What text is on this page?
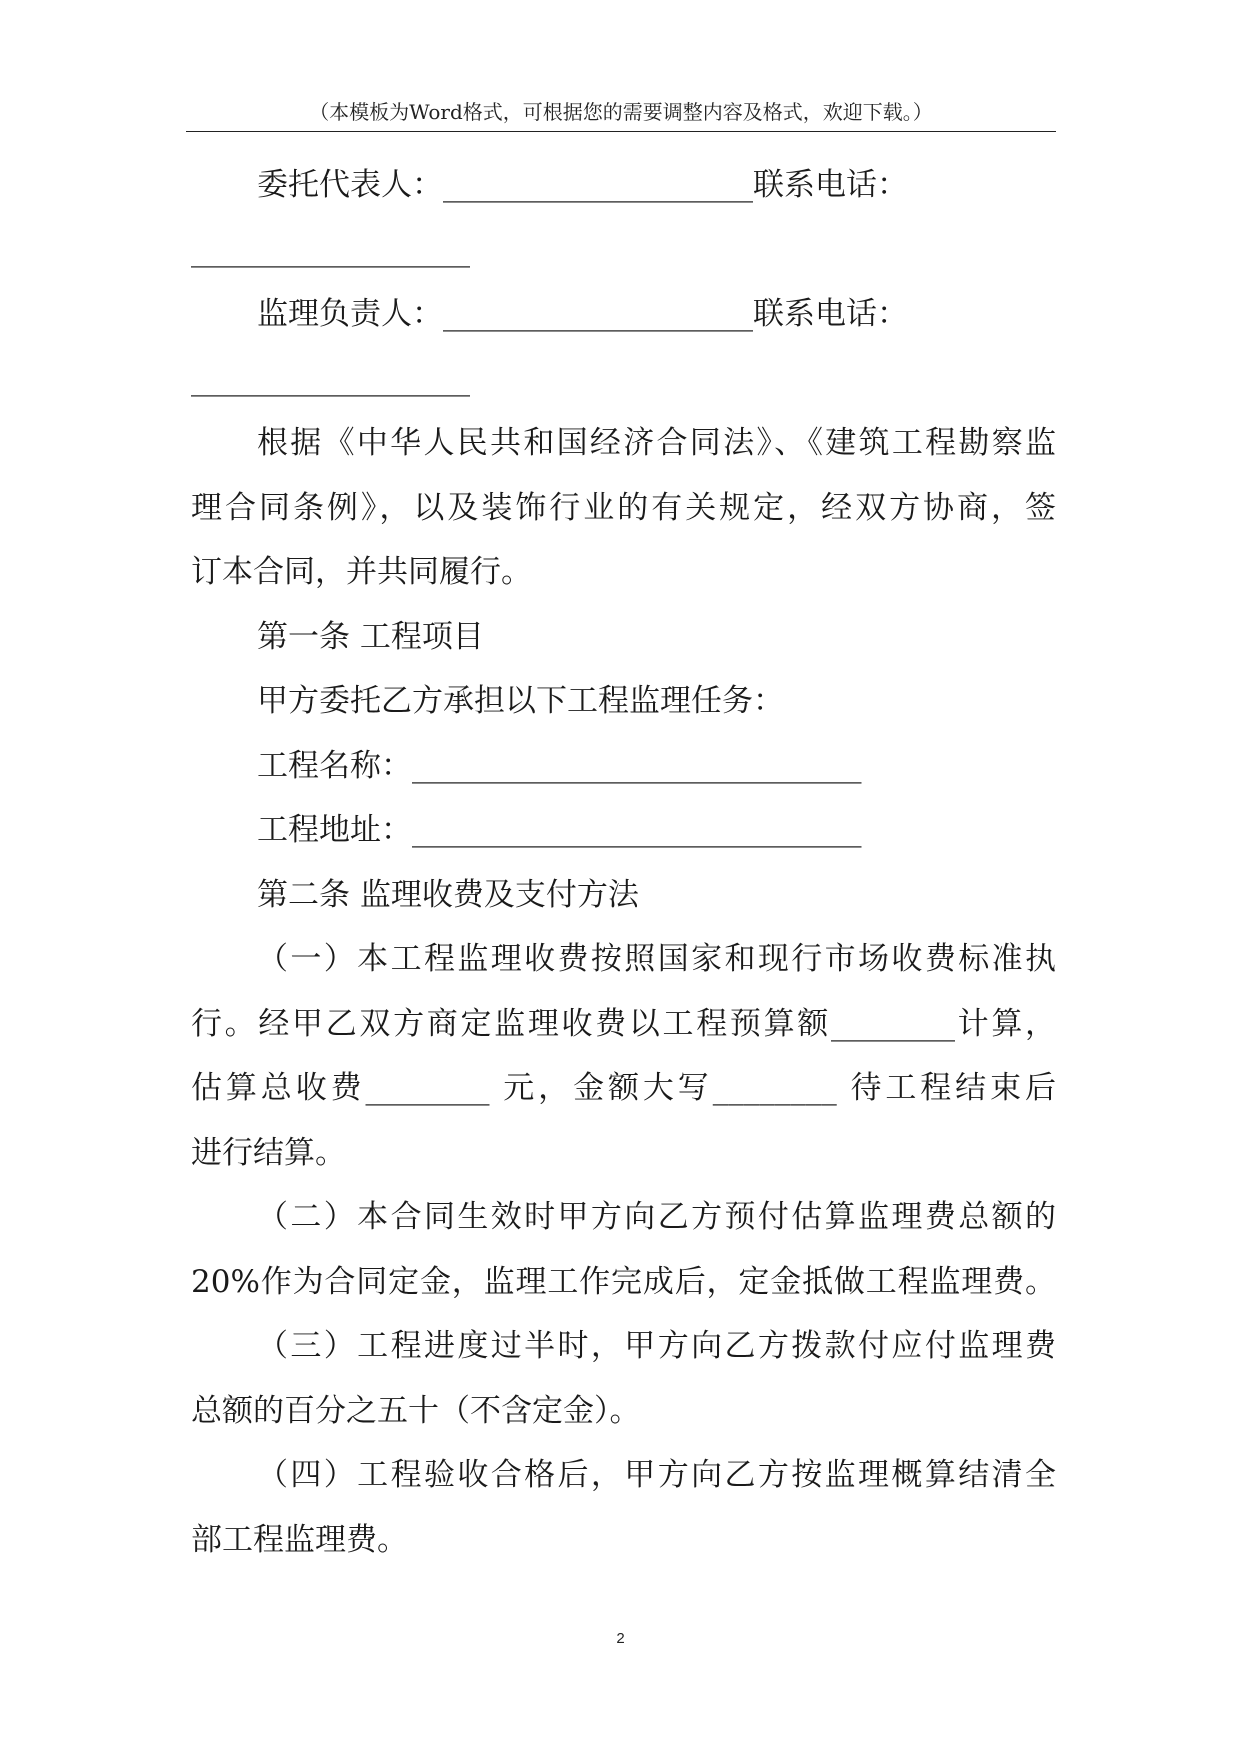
（本模板为Word格式，可根据您的需要调整内容及格式，欢迎下载。）

委托代表人：____________________联系电话：

__________________

监理负责人：____________________联系电话：

__________________

根据《中华人民共和国经济合同法》、《建筑工程勘察监

理合同条例》，以及装饰行业的有关规定，经双方协商，签

订本合同，并共同履行。

第一条 工程项目

甲方委托乙方承担以下工程监理任务：

工程名称：_____________________________

工程地址：_____________________________

第二条 监理收费及支付方法

（一）本工程监理收费按照国家和现行市场收费标准执

行。经甲乙双方商定监理收费以工程预算额________计算，

估算总收费________ 元，金额大写________ 待工程结束后

进行结算。

（二）本合同生效时甲方向乙方预付估算监理费总额的

20%作为合同定金，监理工作完成后，定金抵做工程监理费。

（三）工程进度过半时，甲方向乙方拨款付应付监理费

总额的百分之五十（不含定金）。

（四）工程验收合格后，甲方向乙方按监理概算结清全

部工程监理费。

2
